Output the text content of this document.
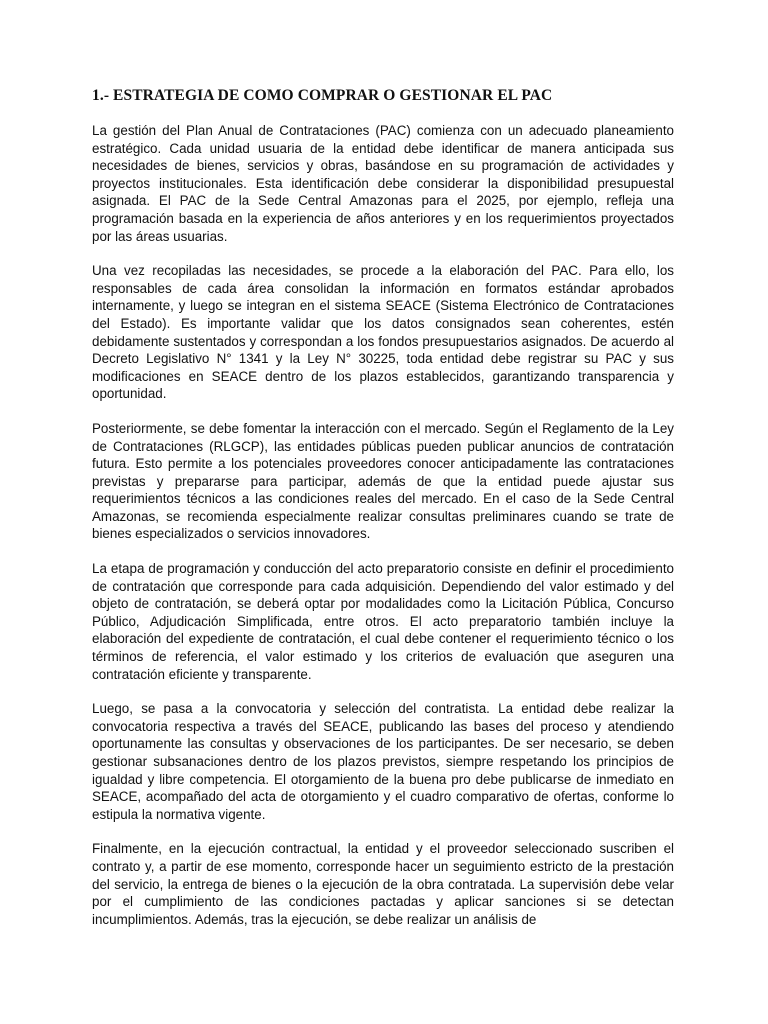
1.- ESTRATEGIA DE COMO COMPRAR O GESTIONAR EL PAC

La gestión del Plan Anual de Contrataciones (PAC) comienza con un adecuado planeamiento estratégico. Cada unidad usuaria de la entidad debe identificar de manera anticipada sus necesidades de bienes, servicios y obras, basándose en su programación de actividades y proyectos institucionales. Esta identificación debe considerar la disponibilidad presupuestal asignada. El PAC de la Sede Central Amazonas para el 2025, por ejemplo, refleja una programación basada en la experiencia de años anteriores y en los requerimientos proyectados por las áreas usuarias.

Una vez recopiladas las necesidades, se procede a la elaboración del PAC. Para ello, los responsables de cada área consolidan la información en formatos estándar aprobados internamente, y luego se integran en el sistema SEACE (Sistema Electrónico de Contrataciones del Estado). Es importante validar que los datos consignados sean coherentes, estén debidamente sustentados y correspondan a los fondos presupuestarios asignados. De acuerdo al Decreto Legislativo N° 1341 y la Ley N° 30225, toda entidad debe registrar su PAC y sus modificaciones en SEACE dentro de los plazos establecidos, garantizando transparencia y oportunidad.

Posteriormente, se debe fomentar la interacción con el mercado. Según el Reglamento de la Ley de Contrataciones (RLGCP), las entidades públicas pueden publicar anuncios de contratación futura. Esto permite a los potenciales proveedores conocer anticipadamente las contrataciones previstas y prepararse para participar, además de que la entidad puede ajustar sus requerimientos técnicos a las condiciones reales del mercado. En el caso de la Sede Central Amazonas, se recomienda especialmente realizar consultas preliminares cuando se trate de bienes especializados o servicios innovadores.

La etapa de programación y conducción del acto preparatorio consiste en definir el procedimiento de contratación que corresponde para cada adquisición. Dependiendo del valor estimado y del objeto de contratación, se deberá optar por modalidades como la Licitación Pública, Concurso Público, Adjudicación Simplificada, entre otros. El acto preparatorio también incluye la elaboración del expediente de contratación, el cual debe contener el requerimiento técnico o los términos de referencia, el valor estimado y los criterios de evaluación que aseguren una contratación eficiente y transparente.

Luego, se pasa a la convocatoria y selección del contratista. La entidad debe realizar la convocatoria respectiva a través del SEACE, publicando las bases del proceso y atendiendo oportunamente las consultas y observaciones de los participantes. De ser necesario, se deben gestionar subsanaciones dentro de los plazos previstos, siempre respetando los principios de igualdad y libre competencia. El otorgamiento de la buena pro debe publicarse de inmediato en SEACE, acompañado del acta de otorgamiento y el cuadro comparativo de ofertas, conforme lo estipula la normativa vigente.

Finalmente, en la ejecución contractual, la entidad y el proveedor seleccionado suscriben el contrato y, a partir de ese momento, corresponde hacer un seguimiento estricto de la prestación del servicio, la entrega de bienes o la ejecución de la obra contratada. La supervisión debe velar por el cumplimiento de las condiciones pactadas y aplicar sanciones si se detectan incumplimientos. Además, tras la ejecución, se debe realizar un análisis de
